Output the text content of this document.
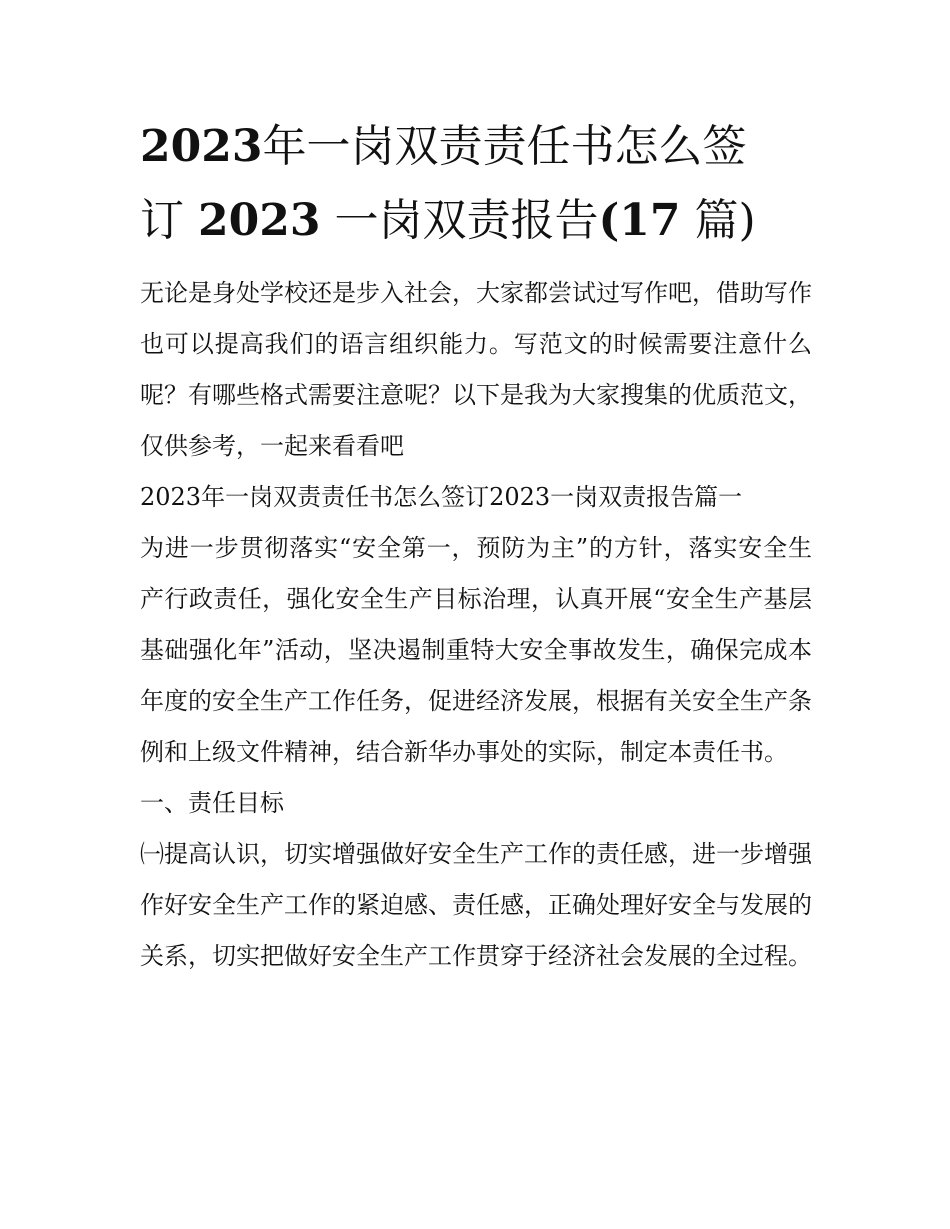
2023年一岗双责责任书怎么签
订 2023 一岗双责报告(17 篇)

无论是身处学校还是步入社会，大家都尝试过写作吧，借助写作也可以提高我们的语言组织能力。写范文的时候需要注意什么呢？有哪些格式需要注意呢？以下是我为大家搜集的优质范文，仅供参考，一起来看看吧

2023年一岗双责责任书怎么签订2023一岗双责报告篇一

为进一步贯彻落实“安全第一，预防为主”的方针，落实安全生产行政责任，强化安全生产目标治理，认真开展“安全生产基层基础强化年”活动，坚决遏制重特大安全事故发生，确保完成本年度的安全生产工作任务，促进经济发展，根据有关安全生产条例和上级文件精神，结合新华办事处的实际，制定本责任书。

一、责任目标

㈠提高认识，切实增强做好安全生产工作的责任感，进一步增强作好安全生产工作的紧迫感、责任感，正确处理好安全与发展的关系，切实把做好安全生产工作贯穿于经济社会发展的全过程。
